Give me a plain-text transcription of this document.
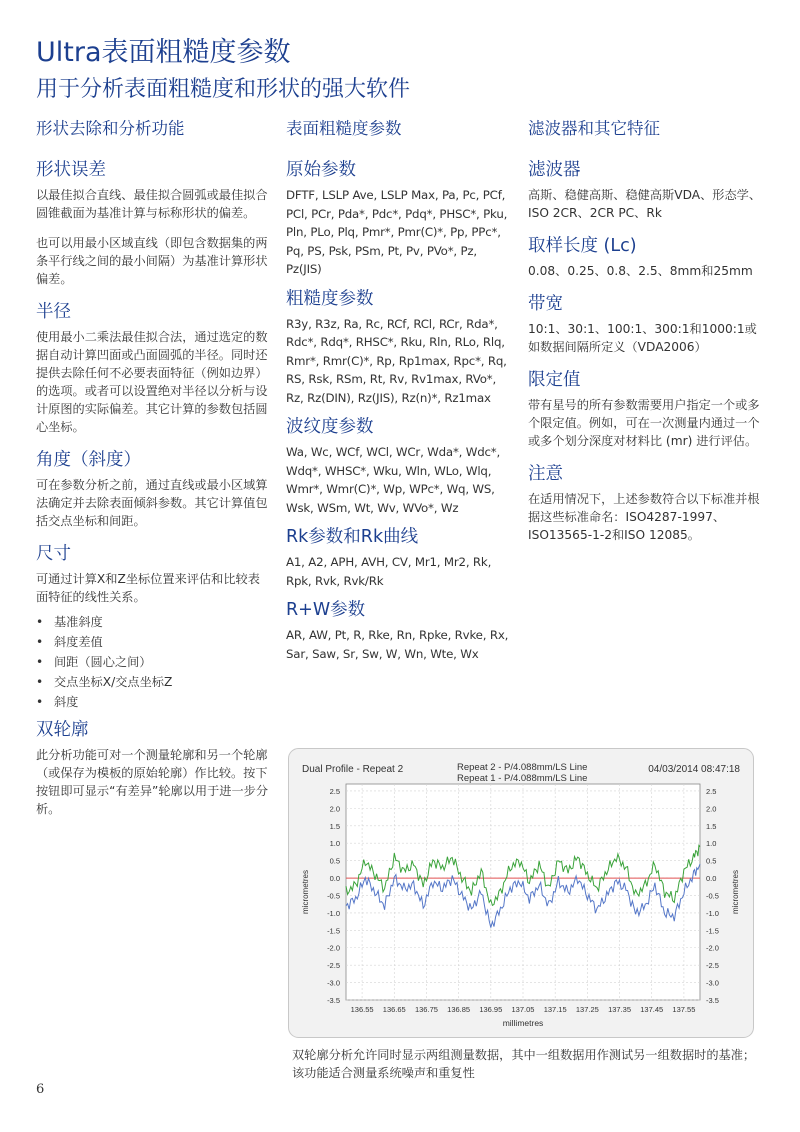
Ultra表面粗糙度参数
用于分析表面粗糙度和形状的强大软件
形状去除和分析功能
形状误差
以最佳拟合直线、最佳拟合圆弧或最佳拟合圆锥截面为基准计算与标称形状的偏差。
也可以用最小区域直线（即包含数据集的两条平行线之间的最小间隔）为基准计算形状偏差。
半径
使用最小二乘法最佳拟合法，通过选定的数据自动计算凹面或凸面圆弧的半径。同时还提供去除任何不必要表面特征（例如边界）的选项。或者可以设置绝对半径以分析与设计原图的实际偏差。其它计算的参数包括圆心坐标。
角度（斜度）
可在参数分析之前，通过直线或最小区域算法确定并去除表面倾斜参数。其它计算值包括交点坐标和间距。
尺寸
可通过计算X和Z坐标位置来评估和比较表面特征的线性关系。
• 基准斜度
• 斜度差值
• 间距（圆心之间）
• 交点坐标X/交点坐标Z
• 斜度
双轮廓
此分析功能可对一个测量轮廓和另一个轮廓（或保存为模板的原始轮廓）作比较。按下按钮即可显示“有差异”轮廓以用于进一步分析。
表面粗糙度参数
原始参数
DFTF, LSLP Ave, LSLP Max, Pa, Pc, PCf, PCl, PCr, Pda*, Pdc*, Pdq*, PHSC*, Pku, Pln, PLo, Plq, Pmr*, Pmr(C)*, Pp, PPc*, Pq, PS, Psk, PSm, Pt, Pv, PVo*, Pz, Pz(JIS)
粗糙度参数
R3y, R3z, Ra, Rc, RCf, RCl, RCr, Rda*, Rdc*, Rdq*, RHSC*, Rku, Rln, RLo, Rlq, Rmr*, Rmr(C)*, Rp, Rp1max, Rpc*, Rq, RS, Rsk, RSm, Rt, Rv, Rv1max, RVo*, Rz, Rz(DIN), Rz(JIS), Rz(n)*, Rz1max
波纹度参数
Wa, Wc, WCf, WCl, WCr, Wda*, Wdc*, Wdq*, WHSC*, Wku, Wln, WLo, Wlq, Wmr*, Wmr(C)*, Wp, WPc*, Wq, WS, Wsk, WSm, Wt, Wv, WVo*, Wz
Rk参数和Rk曲线
A1, A2, APH, AVH, CV, Mr1, Mr2, Rk, Rpk, Rvk, Rvk/Rk
R+W参数
AR, AW, Pt, R, Rke, Rn, Rpke, Rvke, Rx, Sar, Saw, Sr, Sw, W, Wn, Wte, Wx
滤波器和其它特征
滤波器
高斯、稳健高斯、稳健高斯VDA、形态学、ISO 2CR、2CR PC、Rk
取样长度 (Lc)
0.08、0.25、0.8、2.5、8mm和25mm
带宽
10:1、30:1、100:1、300:1和1000:1或如数据间隔所定义（VDA2006）
限定值
带有星号的所有参数需要用户指定一个或多个限定值。例如，可在一次测量内通过一个或多个划分深度对材料比 (mr) 进行评估。
注意
在适用情况下，上述参数符合以下标准并根据这些标准命名：ISO4287-1997、ISO13565-1-2和ISO 12085。
Dual Profile - Repeat 2	Repeat 2 - P/4.088mm/LS Line
Repeat 1 - P/4.088mm/LS Line
04/03/2014 08:47:18
2.5
2.0
1.5
1.0
0.5
0.0
-0.5
-1.0
-1.5
-2.0
-2.5
-3.0
-3.5
2.5
2.0
1.5
1.0
0.5
0.0
-0.5
-1.0
-1.5
-2.0
-2.5
-3.0
-3.5
136.55 136.65 136.75 136.85 136.95 137.05 137.15 137.25 137.35 137.45 137.55
micrometres	micrometres
millimetres
双轮廓分析允许同时显示两组测量数据，其中一组数据用作测试另一组数据时的基准；该功能适合测量系统噪声和重复性
6
